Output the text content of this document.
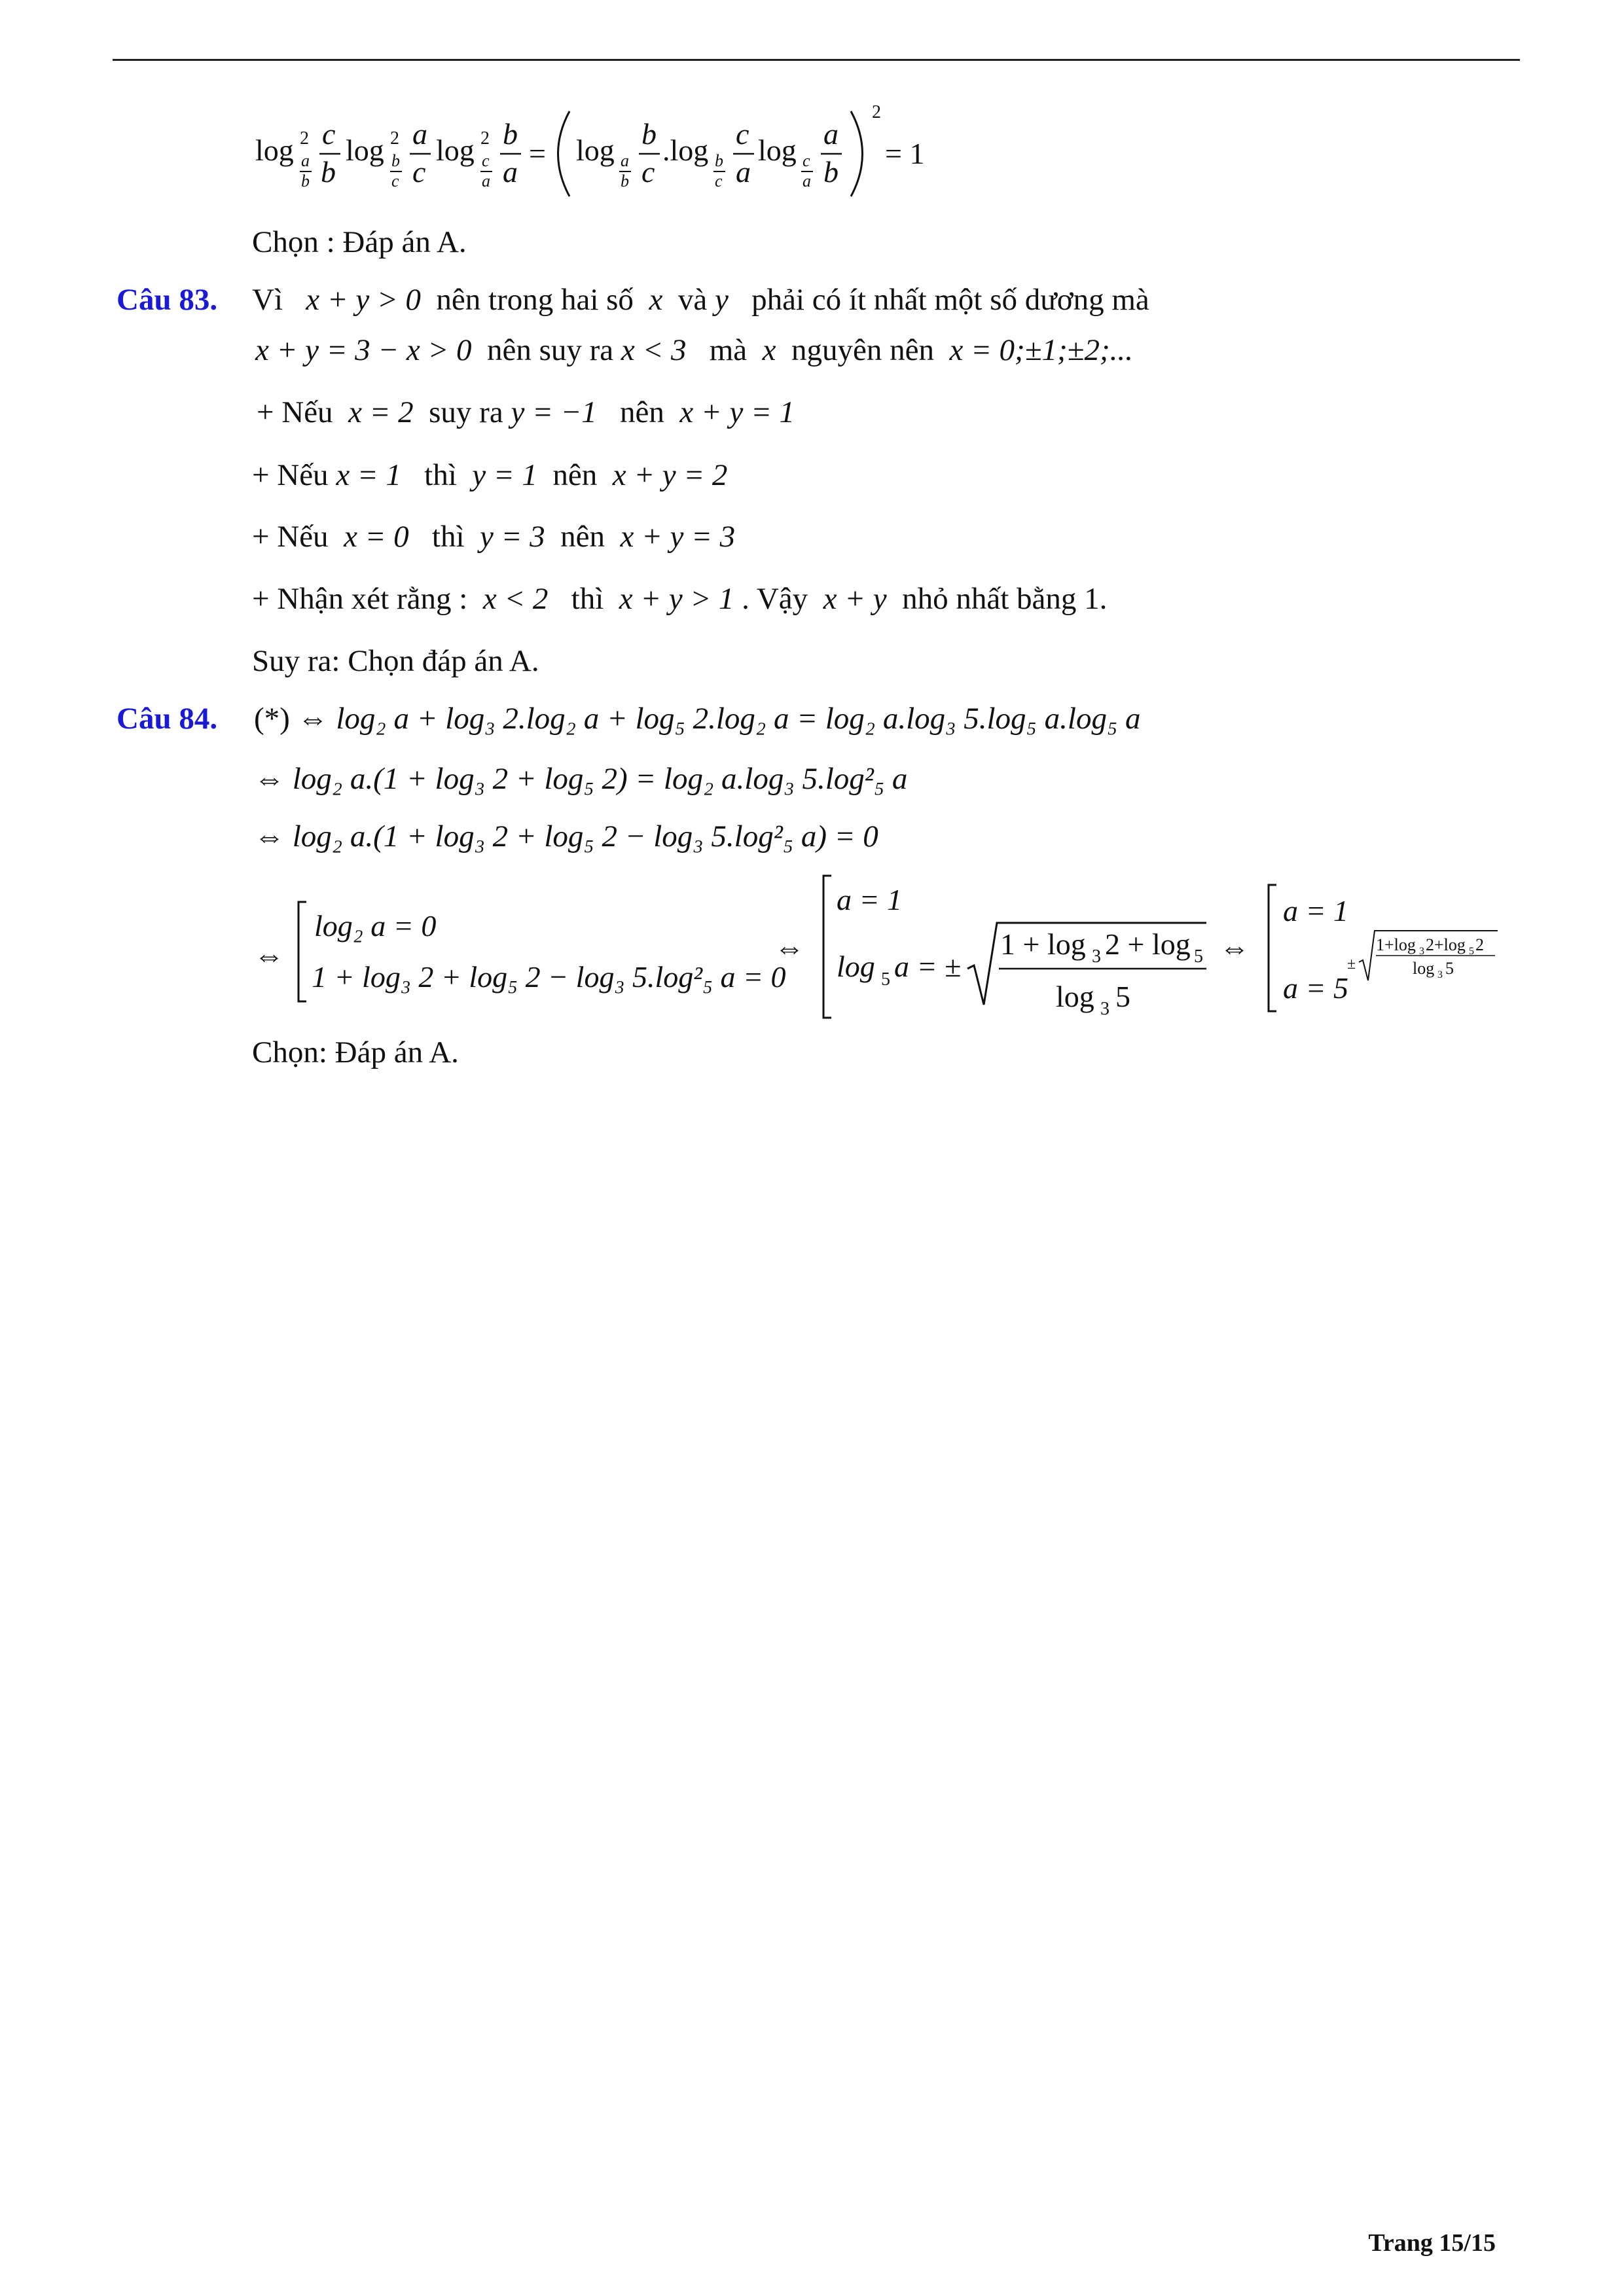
log 2
a
b
c
b
log 2
b
c
a
c
log 2
c
a
b
a
= log a
b
b
c
.log b
c
c
a
log c
a
a
b
2
= 1
Chọn : Đáp án A.
Câu 83. Vì x + y > 0 nên trong hai số x và y phải có ít nhất một số dương mà
x + y = 3 − x > 0 nên suy ra x < 3 mà x nguyên nên x = 0;±1;±2;...
+ Nếu x = 2 suy ra y = −1 nên x + y = 1
+ Nếu x = 1 thì y = 1 nên x + y = 2
+ Nếu x = 0 thì y = 3 nên x + y = 3
+ Nhận xét rằng : x < 2 thì x + y > 1 . Vậy x + y nhỏ nhất bằng 1.
Suy ra: Chọn đáp án A.
Câu 84. (*) ⇔ log₂ a + log₃ 2.log₂ a + log₅ 2.log₂ a = log₂ a.log₃ 5.log₅ a.log₅ a
⇔ log₂ a.(1 + log₃ 2 + log₅ 2) = log₂ a.log₃ 5.log²₅ a
⇔ log₂ a.(1 + log₃ 2 + log₅ 2 − log₃ 5.log²₅ a) = 0
⇔
log₂ a = 0
1 + log₃ 2 + log₅ 2 − log₃ 5.log²₅ a = 0
⇔
a = 1
log 5 a = ±
1 + log 3 2 + log 5
log 3 5
⇔
a = 1
a = 5
±
1+log 3 2+log 5 2
log 3 5
Chọn: Đáp án A.
Trang 15/15
